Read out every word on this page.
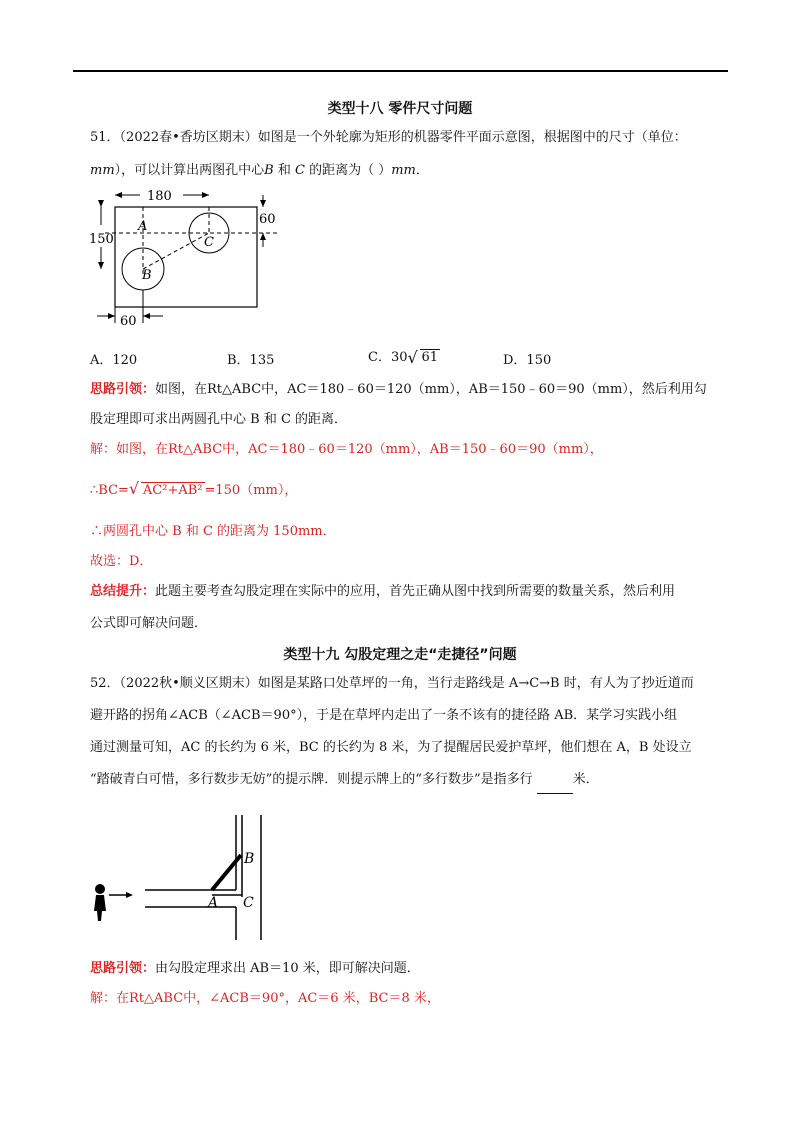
类型十八 零件尺寸问题
51．（2022春•香坊区期末）如图是一个外轮廓为矩形的机器零件平面示意图，根据图中的尺寸（单位：
mm），可以计算出两图孔中心B 和 C 的距离为（ ）mm．
180
150
60
60
A
C
B
A．120	B．135	C．30 √ 61	D．150
思路引领：如图，在Rt△ABC中，AC＝180﹣60＝120（mm），AB＝150﹣60＝90（mm），然后利用勾
股定理即可求出两圆孔中心 B 和 C 的距离．
解：如图，在Rt△ABC中，AC＝180﹣60＝120（mm），AB＝150﹣60＝90（mm），
∴BC= √ AC²+AB² =150（mm），
∴两圆孔中心 B 和 C 的距离为 150mm．
故选：D．
总结提升：此题主要考查勾股定理在实际中的应用，首先正确从图中找到所需要的数量关系，然后利用
公式即可解决问题．
类型十九 勾股定理之走“走捷径”问题
52．（2022秋•顺义区期末）如图是某路口处草坪的一角，当行走路线是 A→C→B 时，有人为了抄近道而
避开路的拐角∠ACB（∠ACB＝90°），于是在草坪内走出了一条不该有的捷径路 AB．某学习实践小组
通过测量可知，AC 的长约为 6 米，BC 的长约为 8 米，为了提醒居民爱护草坪，他们想在 A，B 处设立
“踏破青白可惜，多行数步无妨”的提示牌．则提示牌上的“多行数步”是指多行	米．
A
B
C
思路引领：由勾股定理求出 AB＝10 米，即可解决问题．
解：在Rt△ABC中，∠ACB＝90°，AC＝6 米，BC＝8 米，
